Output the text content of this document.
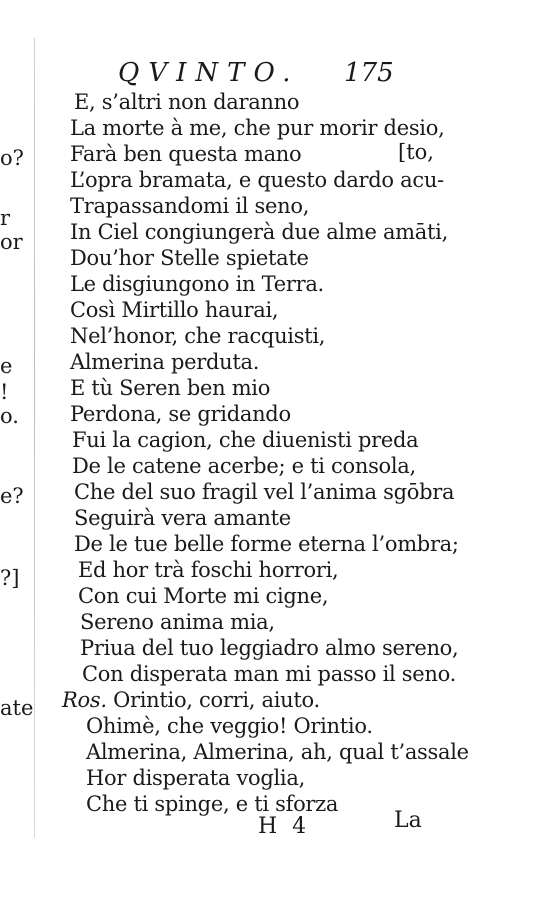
o?
r
or
e
!
o.
e?
?]
ate
QVINTO. 175
E, s’altri non daranno
La morte à me, che pur morir desio,
Farà ben questa mano	[to,
L’opra bramata, e questo dardo acu-
Trapassandomi il seno,
In Ciel congiungerà due alme amāti,
Dou’hor Stelle spietate
Le disgiungono in Terra.
Così Mirtillo haurai,
Nel’honor, che racquisti,
Almerina perduta.
E tù Seren ben mio
Perdona, se gridando
Fui la cagion, che diuenisti preda
De le catene acerbe; e ti consola,
Che del suo fragil vel l’anima sgōbra
Seguirà vera amante
De le tue belle forme eterna l’ombra;
Ed hor trà foschi horrori,
Con cui Morte mi cigne,
Sereno anima mia,
Priua del tuo leggiadro almo sereno,
Con disperata man mi passo il seno.
Ros. Orintio, corri, aiuto.
Ohimè, che veggio! Orintio.
Almerina, Almerina, ah, qual t’assale
Hor disperata voglia,
Che ti spinge, e ti sforza
H 4	La
